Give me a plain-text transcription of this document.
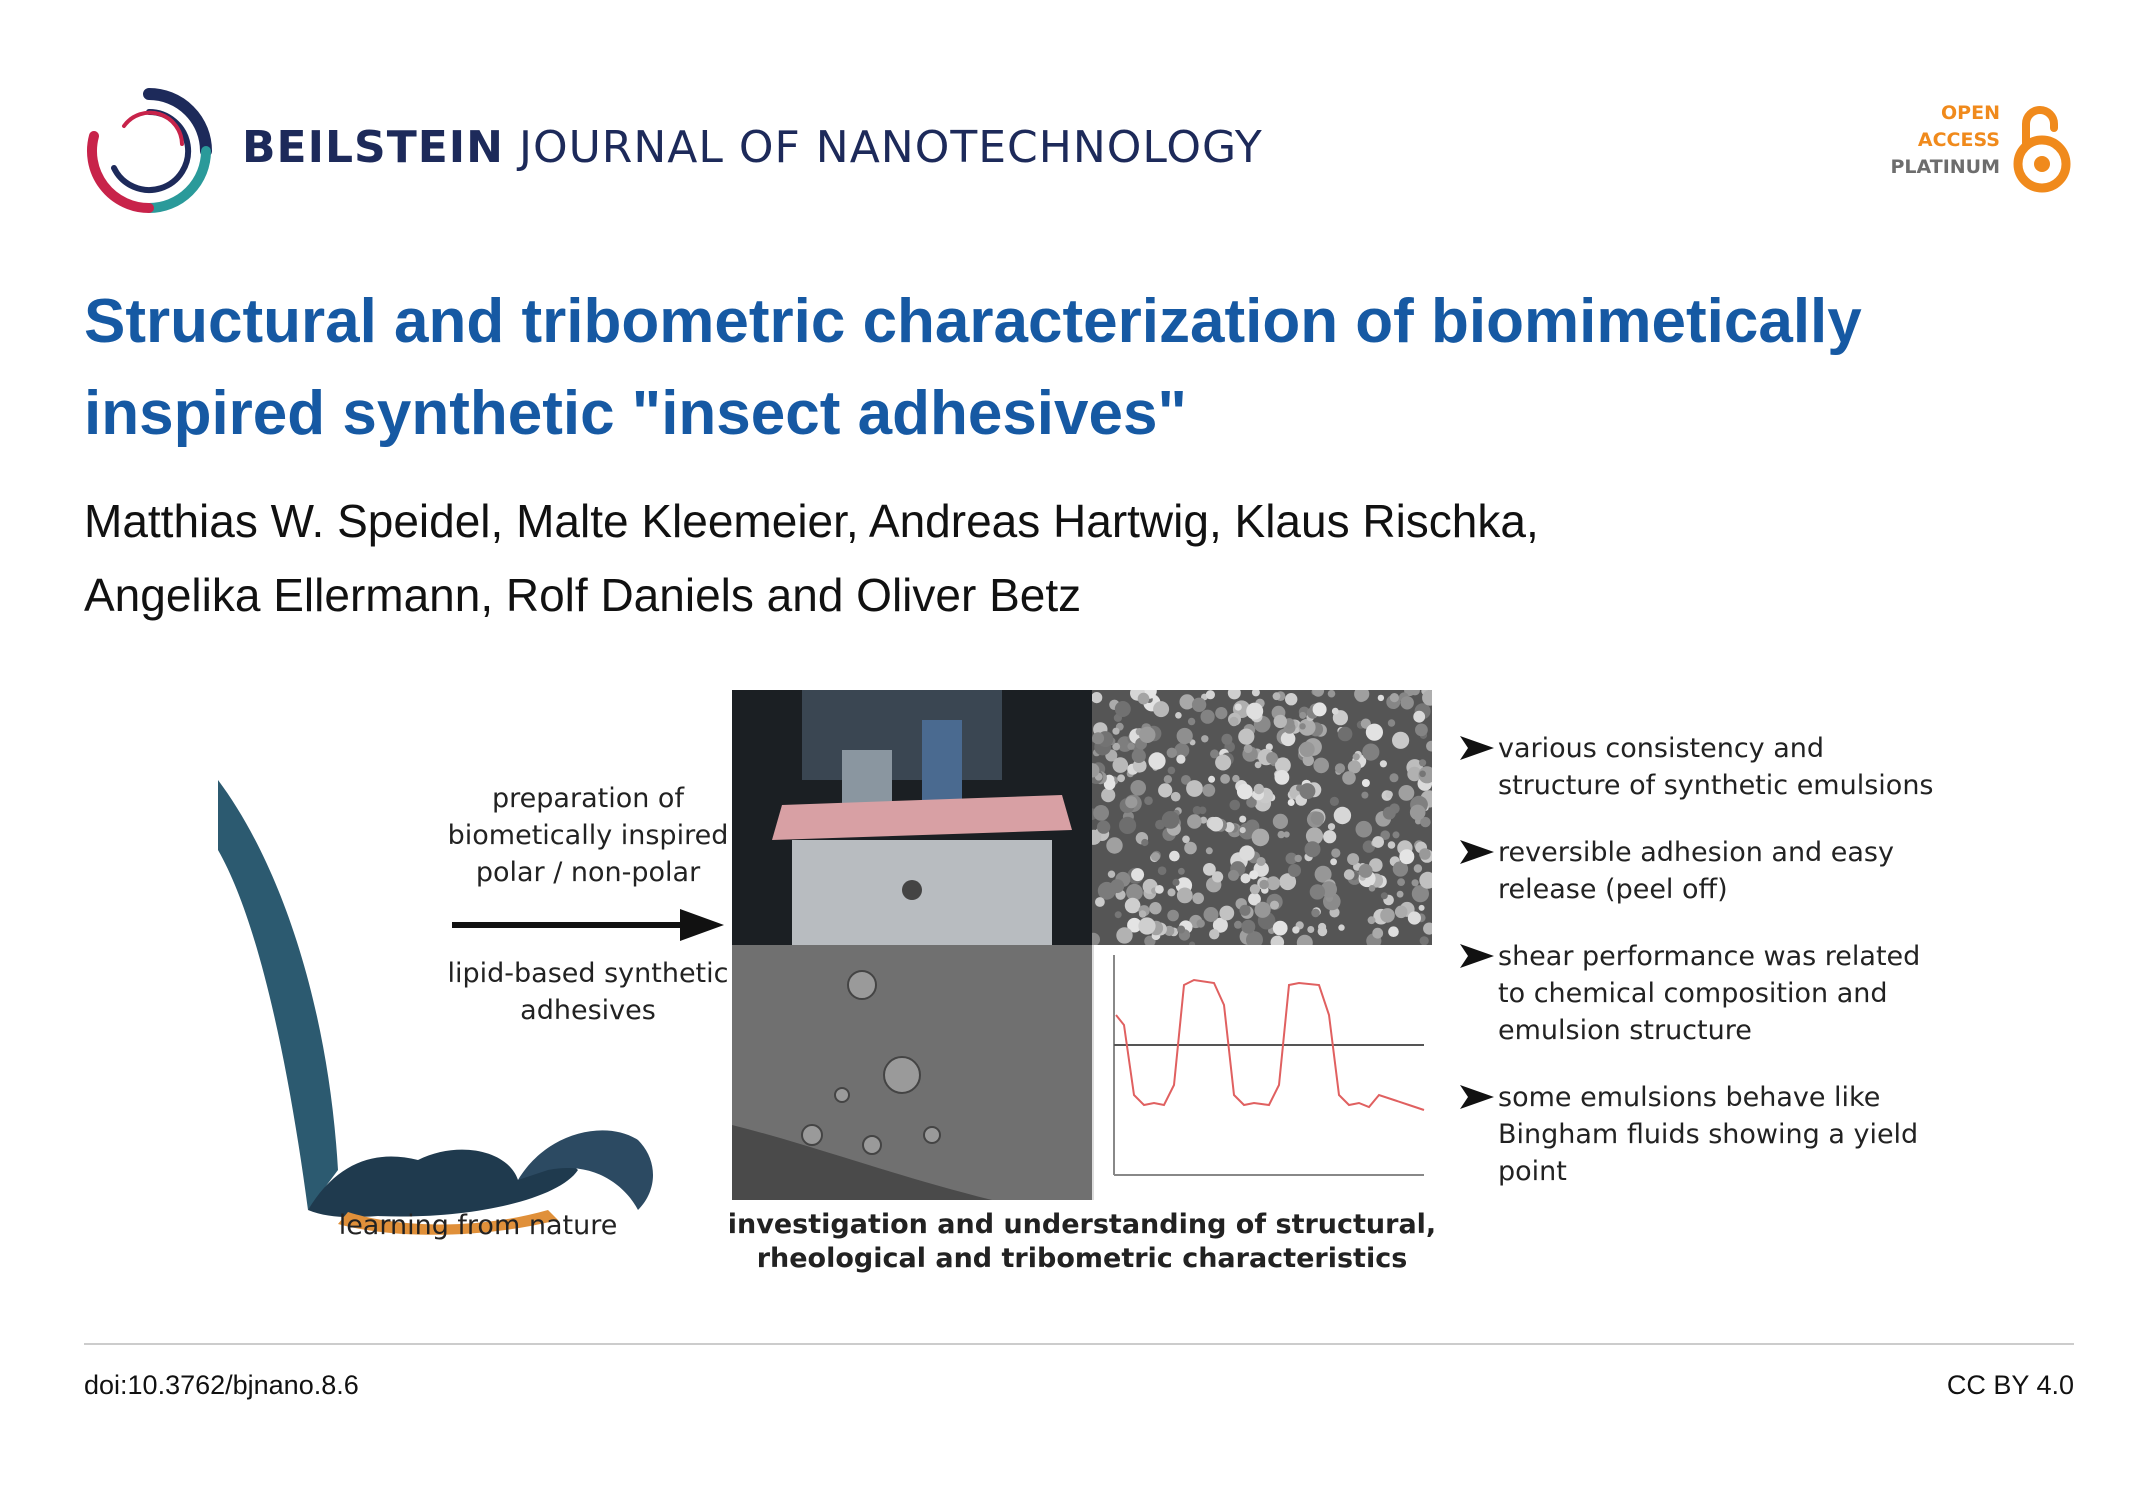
BEILSTEIN JOURNAL OF NANOTECHNOLOGY
OPEN
ACCESS
PLATINUM
Structural and tribometric characterization of biomimetically inspired synthetic "insect adhesives"
Matthias W. Speidel, Malte Kleemeier, Andreas Hartwig, Klaus Rischka,
Angelika Ellermann, Rolf Daniels and Oliver Betz
preparation of
biometically inspired
polar / non-polar
lipid-based synthetic
adhesives
learning from nature	investigation and understanding of structural,
rheological and tribometric characteristics
various consistency and
structure of synthetic emulsions
reversible adhesion and easy
release (peel off)
shear performance was related
to chemical composition and
emulsion structure
some emulsions behave like
Bingham fluids showing a yield
point
doi:10.3762/bjnano.8.6	CC BY 4.0
